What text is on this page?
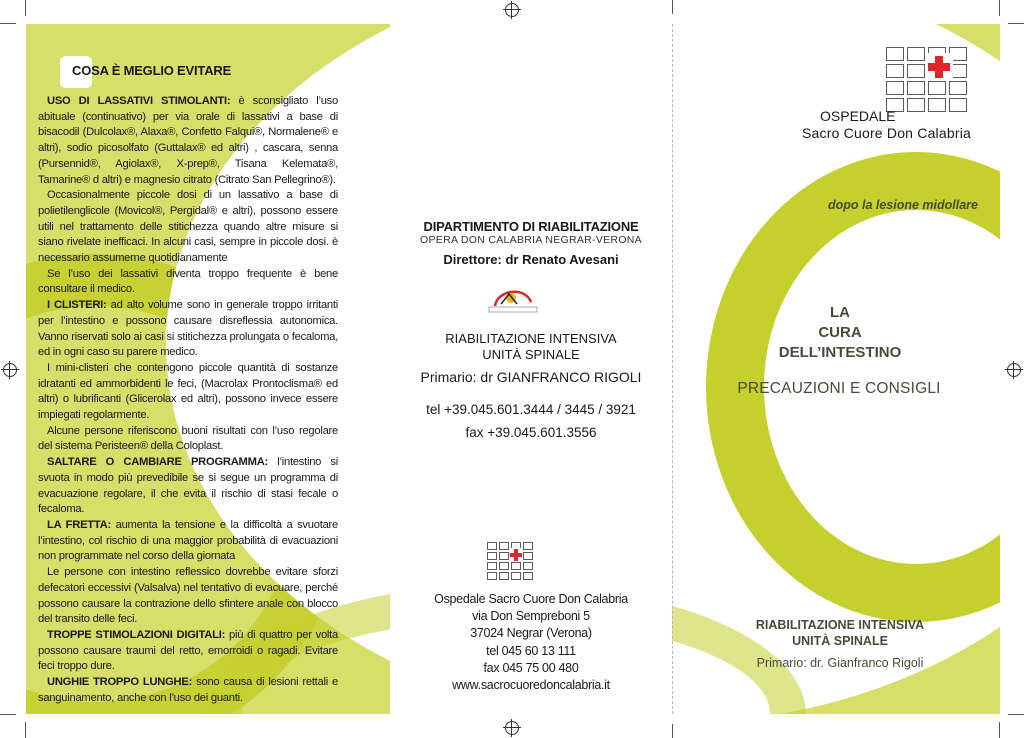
COSA È MEGLIO EVITARE

USO DI LASSATIVI STIMOLANTI: è sconsigliato l’uso abituale (continuativo) per via orale di lassativi a base di bisacodil (Dulcolax®, Alaxa®, Confetto Falqui®, Normalene® e altri), sodio picosolfato (Guttalax® ed altri) , cascara, senna (Pursennid®, Agiolax®, X-prep®, Tisana Kelemata®, Tamarine® d altri) e magnesio citrato (Citrato San Pellegrino®).

Occasionalmente piccole dosi di un lassativo a base di polietilenglicole (Movicol®, Pergidal® e altri), possono essere utili nel trattamento delle stitichezza quando altre misure si siano rivelate inefficaci. In alcuni casi, sempre in piccole dosi. è necessario assumerne quotidianamente

Se l’uso dei lassativi diventa troppo frequente è bene consultare il medico.

I CLISTERI: ad alto volume sono in generale troppo irritanti per l’intestino e possono causare disreflessia autonomica. Vanno riservati solo ai casi si stitichezza prolungata o fecaloma, ed in ogni caso su parere medico.

I mini-clisteri che contengono piccole quantità di sostanze idratanti ed ammorbidenti le feci, (Macrolax Prontoclisma® ed altri) o lubrificanti (Glicerolax ed altri), possono invece essere impiegati regolarmente.

Alcune persone riferiscono buoni risultati con l’uso regolare del sistema Peristeen® della Coloplast.

SALTARE O CAMBIARE PROGRAMMA: l’intestino si svuota in modo più prevedibile se si segue un programma di evacuazione regolare, il che evita il rischio di stasi fecale o fecaloma.

LA FRETTA: aumenta la tensione e la difficoltà a svuotare l’intestino, col rischio di una maggior probabilità di evacuazioni non programmate nel corso della giornata

Le persone con intestino reflessico dovrebbe evitare sforzi defecatori eccessivi (Valsalva) nel tentativo di evacuare, perché possono causare la contrazione dello sfintere anale con blocco del transito delle feci.

TROPPE STIMOLAZIONI DIGITALI: più di quattro per volta possono causare traumi del retto, emorroidi o ragadi. Evitare feci troppo dure.

UNGHIE TROPPO LUNGHE: sono causa di lesioni rettali e sanguinamento, anche con l’uso dei guanti.

DIPARTIMENTO DI RIABILITAZIONE
OPERA DON CALABRIA NEGRAR-VERONA
Direttore: dr Renato Avesani
RIABILITAZIONE INTENSIVA
UNITÀ SPINALE
Primario: dr GIANFRANCO RIGOLI
tel +39.045.601.3444 / 3445 / 3921
fax +39.045.601.3556
Ospedale Sacro Cuore Don Calabria
via Don Sempreboni 5
37024 Negrar (Verona)
tel 045 60 13 111
fax 045 75 00 480
www.sacrocuoredoncalabria.it
OSPEDALE
Sacro Cuore Don Calabria
dopo la lesione midollare
LA
CURA
DELL’INTESTINO
PRECAUZIONI E CONSIGLI
RIABILITAZIONE INTENSIVA
UNITÀ SPINALE
Primario: dr. Gianfranco Rigoli
